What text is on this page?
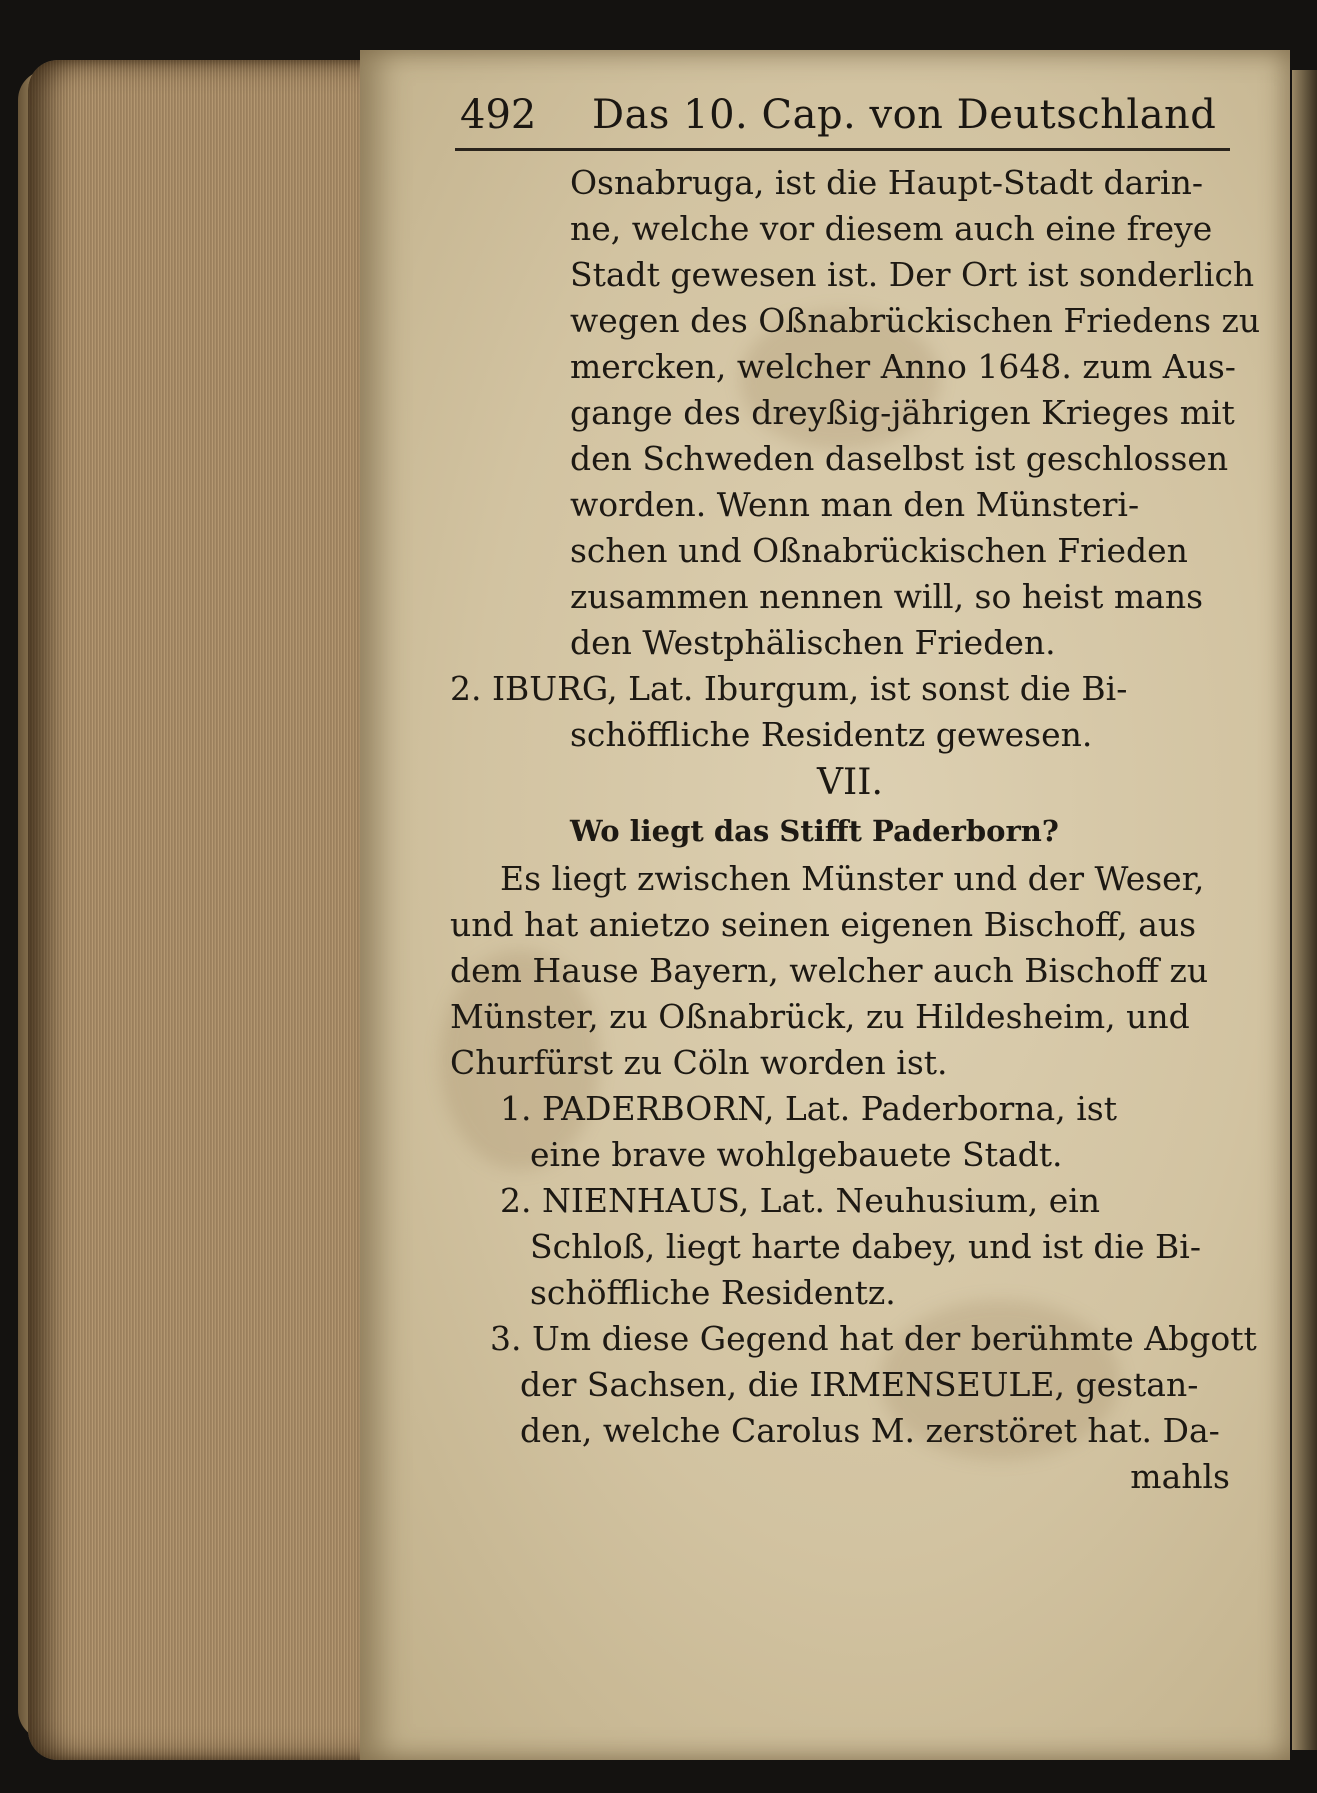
492 Das 10. Cap. von Deutschland
Osnabruga, ist die Haupt-Stadt darin-
ne, welche vor diesem auch eine freye
Stadt gewesen ist. Der Ort ist sonderlich
wegen des Oßnabrückischen Friedens zu
mercken, welcher Anno 1648. zum Aus-
gange des dreyßig-jährigen Krieges mit
den Schweden daselbst ist geschlossen
worden. Wenn man den Münsteri-
schen und Oßnabrückischen Frieden
zusammen nennen will, so heist mans
den Westphälischen Frieden.
2. IBURG, Lat. Iburgum, ist sonst die Bi-
schöffliche Residentz gewesen.
VII.
Wo liegt das Stifft Paderborn?
Es liegt zwischen Münster und der Weser,
und hat anietzo seinen eigenen Bischoff, aus
dem Hause Bayern, welcher auch Bischoff zu
Münster, zu Oßnabrück, zu Hildesheim, und
Churfürst zu Cöln worden ist.
1. PADERBORN, Lat. Paderborna, ist
eine brave wohlgebauete Stadt.
2. NIENHAUS, Lat. Neuhusium, ein
Schloß, liegt harte dabey, und ist die Bi-
schöffliche Residentz.
3. Um diese Gegend hat der berühmte Abgott
der Sachsen, die IRMENSEULE, gestan-
den, welche Carolus M. zerstöret hat. Da-
mahls
